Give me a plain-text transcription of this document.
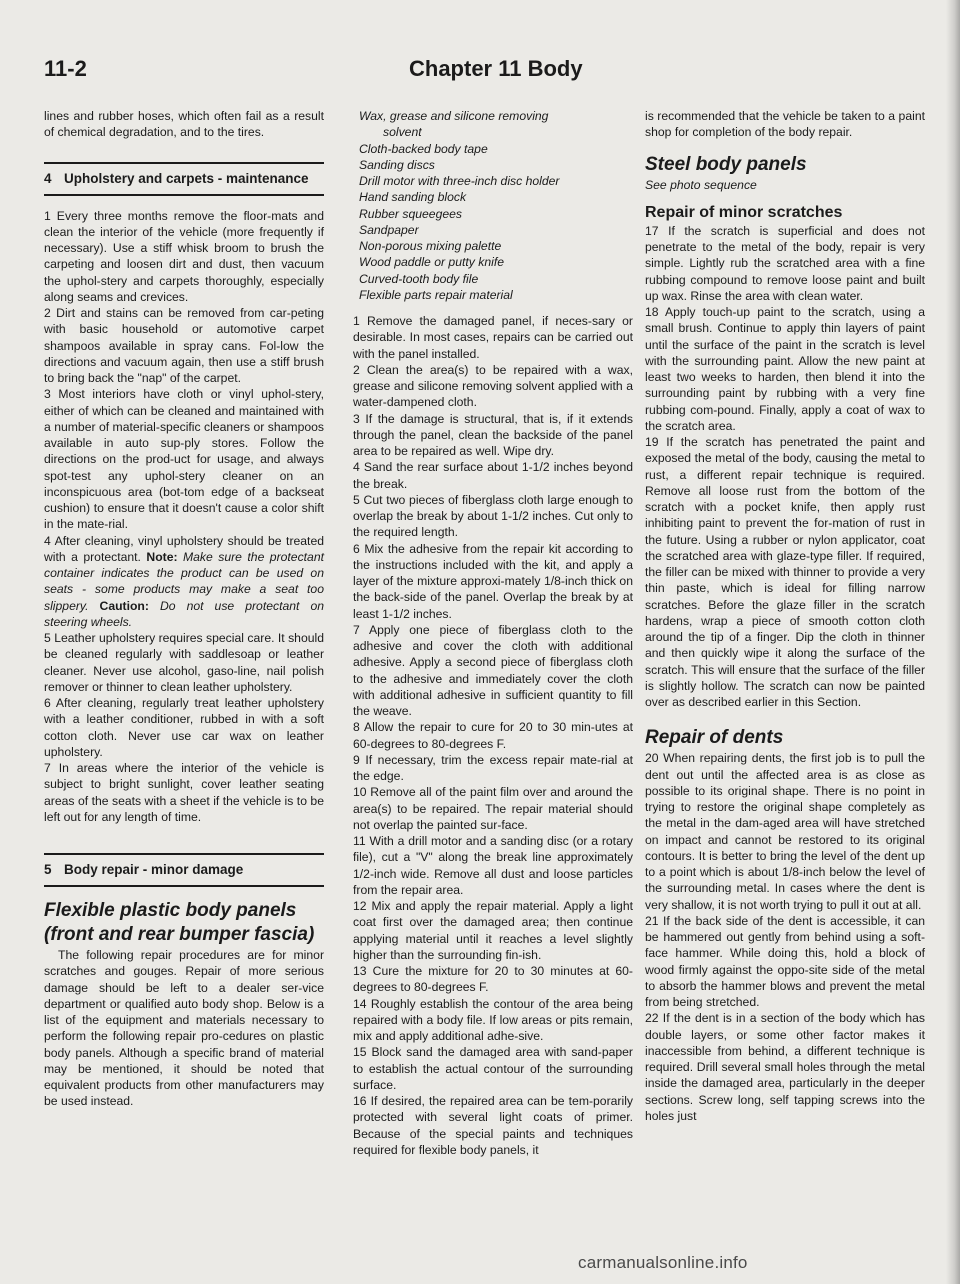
11-2	Chapter 11 Body

lines and rubber hoses, which often fail as a result of chemical degradation, and to the tires.

4 Upholstery and carpets - maintenance

1 Every three months remove the floor-mats and clean the interior of the vehicle (more frequently if necessary). Use a stiff whisk broom to brush the carpeting and loosen dirt and dust, then vacuum the uphol-stery and carpets thoroughly, especially along seams and crevices.

2 Dirt and stains can be removed from car-peting with basic household or automotive carpet shampoos available in spray cans. Fol-low the directions and vacuum again, then use a stiff brush to bring back the "nap" of the carpet.

3 Most interiors have cloth or vinyl uphol-stery, either of which can be cleaned and maintained with a number of material-specific cleaners or shampoos available in auto sup-ply stores. Follow the directions on the prod-uct for usage, and always spot-test any uphol-stery cleaner on an inconspicuous area (bot-tom edge of a backseat cushion) to ensure that it doesn't cause a color shift in the mate-rial.

4 After cleaning, vinyl upholstery should be treated with a protectant. Note: Make sure the protectant container indicates the product can be used on seats - some products may make a seat too slippery. Caution: Do not use protectant on steering wheels.

5 Leather upholstery requires special care. It should be cleaned regularly with saddlesoap or leather cleaner. Never use alcohol, gaso-line, nail polish remover or thinner to clean leather upholstery.

6 After cleaning, regularly treat leather upholstery with a leather conditioner, rubbed in with a soft cotton cloth. Never use car wax on leather upholstery.

7 In areas where the interior of the vehicle is subject to bright sunlight, cover leather seating areas of the seats with a sheet if the vehicle is to be left out for any length of time.

5 Body repair - minor damage
Flexible plastic body panels (front and rear bumper fascia)

The following repair procedures are for minor scratches and gouges. Repair of more serious damage should be left to a dealer ser-vice department or qualified auto body shop. Below is a list of the equipment and materials necessary to perform the following repair pro-cedures on plastic body panels. Although a specific brand of material may be mentioned, it should be noted that equivalent products from other manufacturers may be used instead.

Wax, grease and silicone removing
solvent
Cloth-backed body tape
Sanding discs
Drill motor with three-inch disc holder
Hand sanding block
Rubber squeegees
Sandpaper
Non-porous mixing palette
Wood paddle or putty knife
Curved-tooth body file
Flexible parts repair material

1 Remove the damaged panel, if neces-sary or desirable. In most cases, repairs can be carried out with the panel installed.

2 Clean the area(s) to be repaired with a wax, grease and silicone removing solvent applied with a water-dampened cloth.

3 If the damage is structural, that is, if it extends through the panel, clean the backside of the panel area to be repaired as well. Wipe dry.

4 Sand the rear surface about 1-1/2 inches beyond the break.

5 Cut two pieces of fiberglass cloth large enough to overlap the break by about 1-1/2 inches. Cut only to the required length.

6 Mix the adhesive from the repair kit according to the instructions included with the kit, and apply a layer of the mixture approxi-mately 1/8-inch thick on the back-side of the panel. Overlap the break by at least 1-1/2 inches.

7 Apply one piece of fiberglass cloth to the adhesive and cover the cloth with additional adhesive. Apply a second piece of fiberglass cloth to the adhesive and immediately cover the cloth with additional adhesive in sufficient quantity to fill the weave.

8 Allow the repair to cure for 20 to 30 min-utes at 60-degrees to 80-degrees F.

9 If necessary, trim the excess repair mate-rial at the edge.

10 Remove all of the paint film over and around the area(s) to be repaired. The repair material should not overlap the painted sur-face.

11 With a drill motor and a sanding disc (or a rotary file), cut a "V" along the break line approximately 1/2-inch wide. Remove all dust and loose particles from the repair area.

12 Mix and apply the repair material. Apply a light coat first over the damaged area; then continue applying material until it reaches a level slightly higher than the surrounding fin-ish.

13 Cure the mixture for 20 to 30 minutes at 60-degrees to 80-degrees F.

14 Roughly establish the contour of the area being repaired with a body file. If low areas or pits remain, mix and apply additional adhe-sive.

15 Block sand the damaged area with sand-paper to establish the actual contour of the surrounding surface.

16 If desired, the repaired area can be tem-porarily protected with several light coats of primer. Because of the special paints and techniques required for flexible body panels, it

is recommended that the vehicle be taken to a paint shop for completion of the body repair.

Steel body panels
See photo sequence
Repair of minor scratches

17 If the scratch is superficial and does not penetrate to the metal of the body, repair is very simple. Lightly rub the scratched area with a fine rubbing compound to remove loose paint and built up wax. Rinse the area with clean water.

18 Apply touch-up paint to the scratch, using a small brush. Continue to apply thin layers of paint until the surface of the paint in the scratch is level with the surrounding paint. Allow the new paint at least two weeks to harden, then blend it into the surrounding paint by rubbing with a very fine rubbing com-pound. Finally, apply a coat of wax to the scratch area.

19 If the scratch has penetrated the paint and exposed the metal of the body, causing the metal to rust, a different repair technique is required. Remove all loose rust from the bottom of the scratch with a pocket knife, then apply rust inhibiting paint to prevent the for-mation of rust in the future. Using a rubber or nylon applicator, coat the scratched area with glaze-type filler. If required, the filler can be mixed with thinner to provide a very thin paste, which is ideal for filling narrow scratches. Before the glaze filler in the scratch hardens, wrap a piece of smooth cotton cloth around the tip of a finger. Dip the cloth in thinner and then quickly wipe it along the surface of the scratch. This will ensure that the surface of the filler is slightly hollow. The scratch can now be painted over as described earlier in this Section.

Repair of dents

20 When repairing dents, the first job is to pull the dent out until the affected area is as close as possible to its original shape. There is no point in trying to restore the original shape completely as the metal in the dam-aged area will have stretched on impact and cannot be restored to its original contours. It is better to bring the level of the dent up to a point which is about 1/8-inch below the level of the surrounding metal. In cases where the dent is very shallow, it is not worth trying to pull it out at all.

21 If the back side of the dent is accessible, it can be hammered out gently from behind using a soft-face hammer. While doing this, hold a block of wood firmly against the oppo-site side of the metal to absorb the hammer blows and prevent the metal from being stretched.

22 If the dent is in a section of the body which has double layers, or some other factor makes it inaccessible from behind, a different technique is required. Drill several small holes through the metal inside the damaged area, particularly in the deeper sections. Screw long, self tapping screws into the holes just

carmanualsonline.info
